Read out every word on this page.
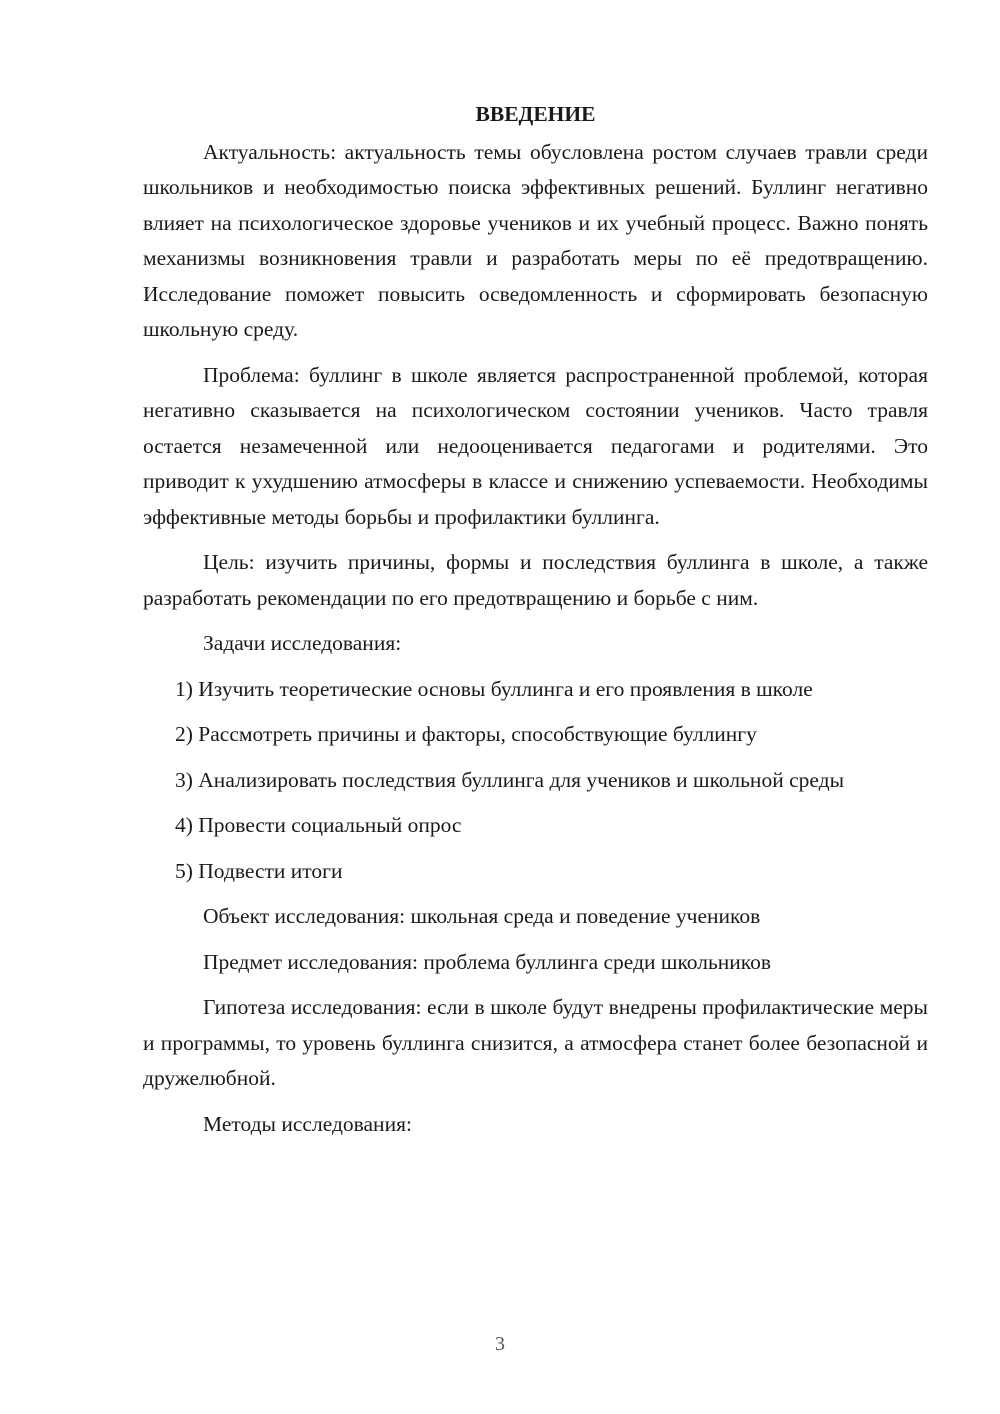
ВВЕДЕНИЕ

Актуальность: актуальность темы обусловлена ростом случаев травли среди школьников и необходимостью поиска эффективных решений. Буллинг негативно влияет на психологическое здоровье учеников и их учебный процесс. Важно понять механизмы возникновения травли и разработать меры по её предотвращению. Исследование поможет повысить осведомленность и сформировать безопасную школьную среду.

Проблема: буллинг в школе является распространенной проблемой, которая негативно сказывается на психологическом состоянии учеников. Часто травля остается незамеченной или недооценивается педагогами и родителями. Это приводит к ухудшению атмосферы в классе и снижению успеваемости. Необходимы эффективные методы борьбы и профилактики буллинга.

Цель: изучить причины, формы и последствия буллинга в школе, а также разработать рекомендации по его предотвращению и борьбе с ним.

Задачи исследования:

1) Изучить теоретические основы буллинга и его проявления в школе

2) Рассмотреть причины и факторы, способствующие буллингу

3) Анализировать последствия буллинга для учеников и школьной среды

4) Провести социальный опрос

5) Подвести итоги

Объект исследования: школьная среда и поведение учеников

Предмет исследования: проблема буллинга среди школьников

Гипотеза исследования: если в школе будут внедрены профилактические меры и программы, то уровень буллинга снизится, а атмосфера станет более безопасной и дружелюбной.

Методы исследования:

3
